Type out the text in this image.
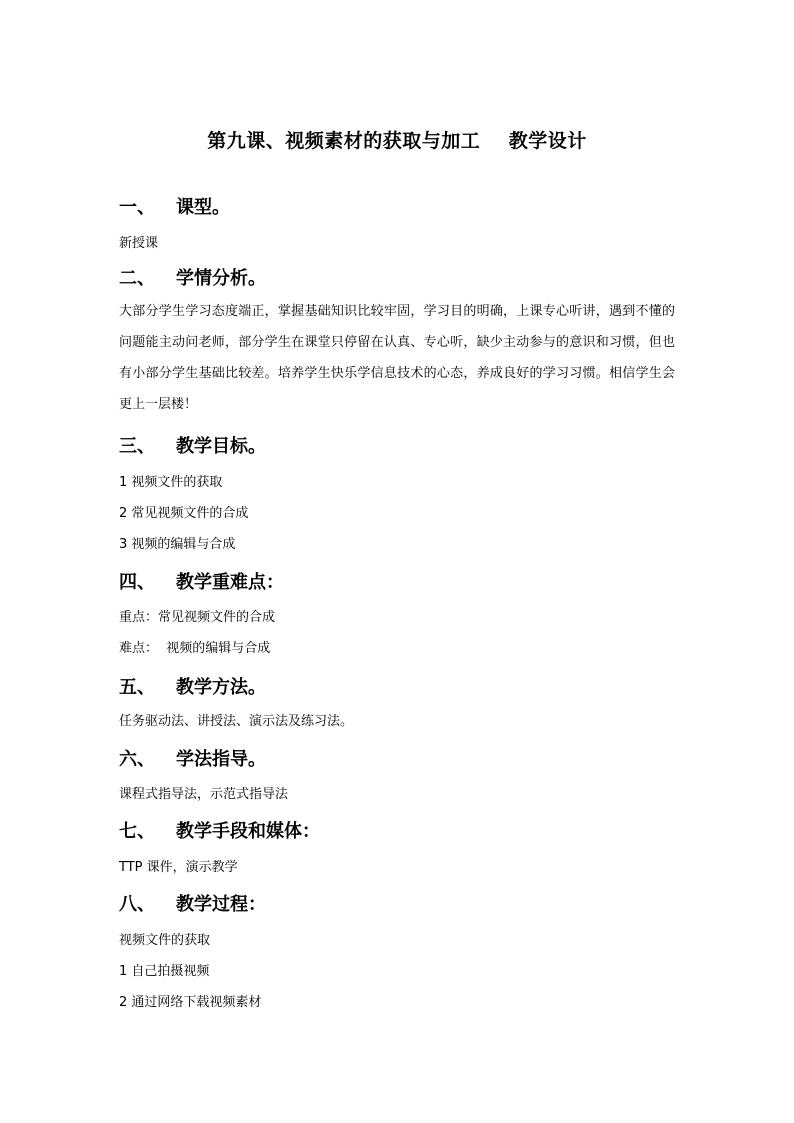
第九课、视频素材的获取与加工    教学设计
一、 课型。
新授课
二、 学情分析。
大部分学生学习态度端正，掌握基础知识比较牢固，学习目的明确，上课专心听讲，遇到不懂的问题能主动问老师，部分学生在课堂只停留在认真、专心听，缺少主动参与的意识和习惯，但也有小部分学生基础比较差。培养学生快乐学信息技术的心态，养成良好的学习习惯。相信学生会更上一层楼！
三、 教学目标。
1 视频文件的获取
2 常见视频文件的合成
3 视频的编辑与合成
四、 教学重难点：
重点：常见视频文件的合成
难点：  视频的编辑与合成
五、 教学方法。
任务驱动法、讲授法、演示法及练习法。
六、 学法指导。
课程式指导法，示范式指导法
七、 教学手段和媒体：
TTP 课件，演示教学
八、 教学过程：
视频文件的获取
1 自己拍摄视频
2 通过网络下载视频素材
